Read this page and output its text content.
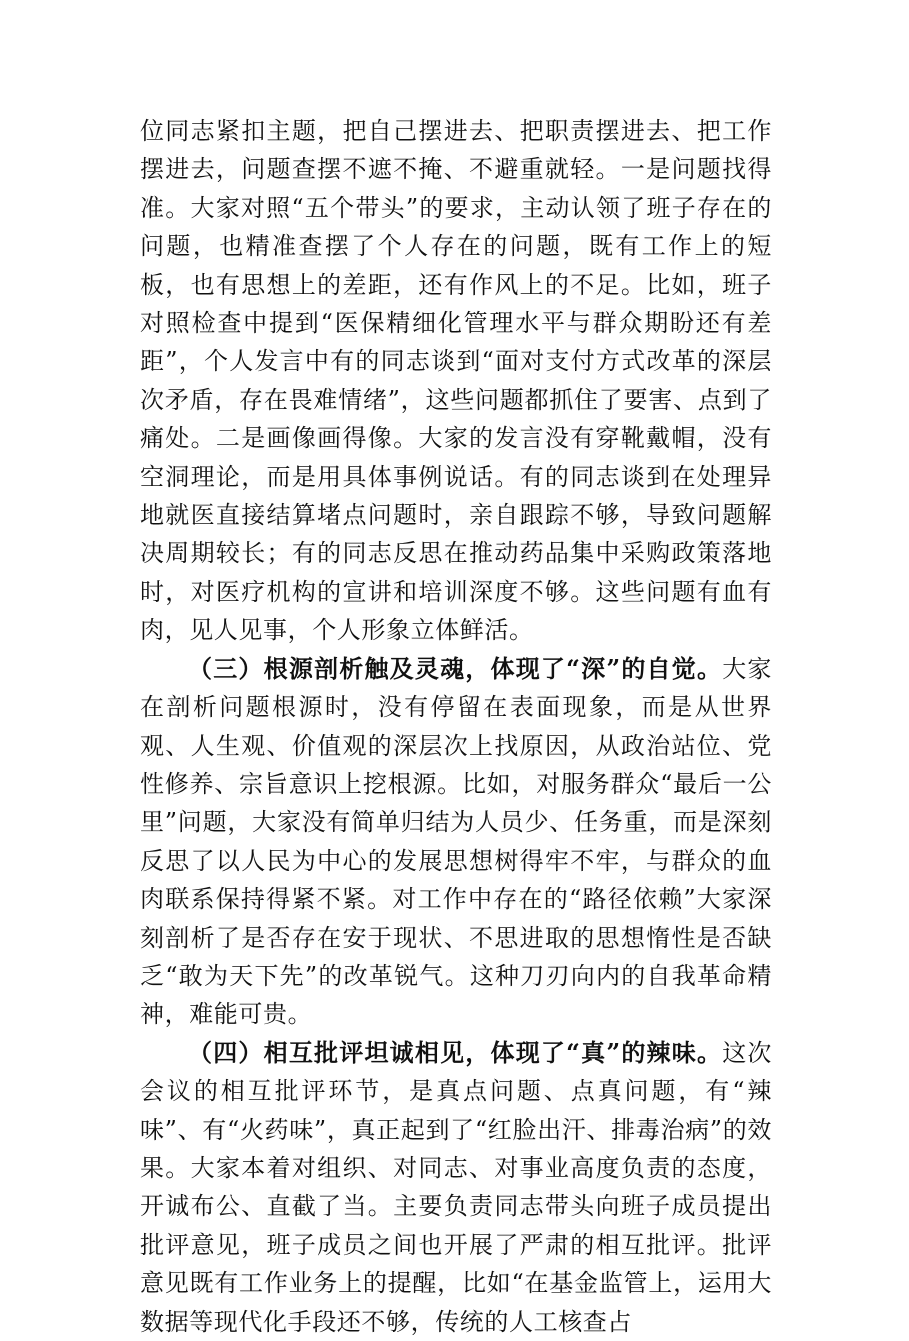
位同志紧扣主题，把自己摆进去、把职责摆进去、把工作摆进去，问题查摆不遮不掩、不避重就轻。一是问题找得准。大家对照“五个带头”的要求，主动认领了班子存在的问题，也精准查摆了个人存在的问题，既有工作上的短板，也有思想上的差距，还有作风上的不足。比如，班子对照检查中提到“医保精细化管理水平与群众期盼还有差距”，个人发言中有的同志谈到“面对支付方式改革的深层次矛盾，存在畏难情绪”，这些问题都抓住了要害、点到了痛处。二是画像画得像。大家的发言没有穿靴戴帽，没有空洞理论，而是用具体事例说话。有的同志谈到在处理异地就医直接结算堵点问题时，亲自跟踪不够，导致问题解决周期较长；有的同志反思在推动药品集中采购政策落地时，对医疗机构的宣讲和培训深度不够。这些问题有血有肉，见人见事，个人形象立体鲜活。

（三）根源剖析触及灵魂，体现了“深”的自觉。大家在剖析问题根源时，没有停留在表面现象，而是从世界观、人生观、价值观的深层次上找原因，从政治站位、党性修养、宗旨意识上挖根源。比如，对服务群众“最后一公里”问题，大家没有简单归结为人员少、任务重，而是深刻反思了以人民为中心的发展思想树得牢不牢，与群众的血肉联系保持得紧不紧。对工作中存在的“路径依赖”大家深刻剖析了是否存在安于现状、不思进取的思想惰性是否缺乏“敢为天下先”的改革锐气。这种刀刃向内的自我革命精神，难能可贵。

（四）相互批评坦诚相见，体现了“真”的辣味。这次会议的相互批评环节，是真点问题、点真问题，有“辣味”、有“火药味”，真正起到了“红脸出汗、排毒治病”的效果。大家本着对组织、对同志、对事业高度负责的态度，开诚布公、直截了当。主要负责同志带头向班子成员提出批评意见，班子成员之间也开展了严肃的相互批评。批评意见既有工作业务上的提醒，比如“在基金监管上，运用大数据等现代化手段还不够，传统的人工核查占
